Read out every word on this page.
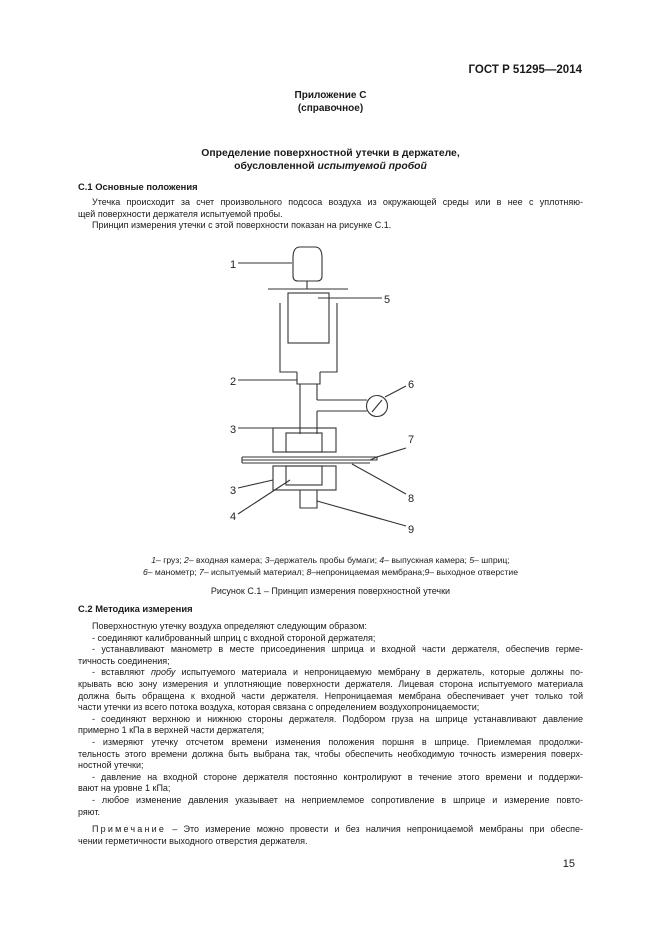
ГОСТ Р 51295—2014
Приложение С
(справочное)
Определение поверхностной утечки в держателе,
обусловленной испытуемой пробой
С.1 Основные положения
Утечка происходит за счет произвольного подсоса воздуха из окружающей среды или в нее с уплотняю-
щей поверхности держателя испытуемой пробы.
Принцип измерения утечки с этой поверхности показан на рисунке С.1.
1
2
3
3
4
5
6
7
8
9
1– груз; 2– входная камера; 3–держатель пробы бумаги; 4– выпускная камера; 5– шприц;
6– манометр; 7– испытуемый материал; 8–непроницаемая мембрана;9– выходное отверстие
Рисунок С.1 – Принцип измерения поверхностной утечки
С.2 Методика измерения
Поверхностную утечку воздуха определяют следующим образом:
- соединяют калиброванный шприц с входной стороной держателя;
- устанавливают манометр в месте присоединения шприца и входной части держателя, обеспечив герме-
тичность соединения;
- вставляют пробу испытуемого материала и непроницаемую мембрану в держатель, которые должны по-
крывать всю зону измерения и уплотняющие поверхности держателя. Лицевая сторона испытуемого материала
должна быть обращена к входной части держателя. Непроницаемая мембрана обеспечивает учет только той
части утечки из всего потока воздуха, которая связана с определением воздухопроницаемости;
- соединяют верхнюю и нижнюю стороны держателя. Подбором груза на шприце устанавливают давление
примерно 1 кПа в верхней части держателя;
- измеряют утечку отсчетом времени изменения положения поршня в шприце. Приемлемая продолжи-
тельность этого времени должна быть выбрана так, чтобы обеспечить необходимую точность измерения поверх-
ностной утечки;
- давление на входной стороне держателя постоянно контролируют в течение этого времени и поддержи-
вают на уровне 1 кПа;
- любое изменение давления указывает на неприемлемое сопротивление в шприце и измерение повто-
ряют.
Примечание – Это измерение можно провести и без наличия непроницаемой мембраны при обеспе-
чении герметичности выходного отверстия держателя.
15
